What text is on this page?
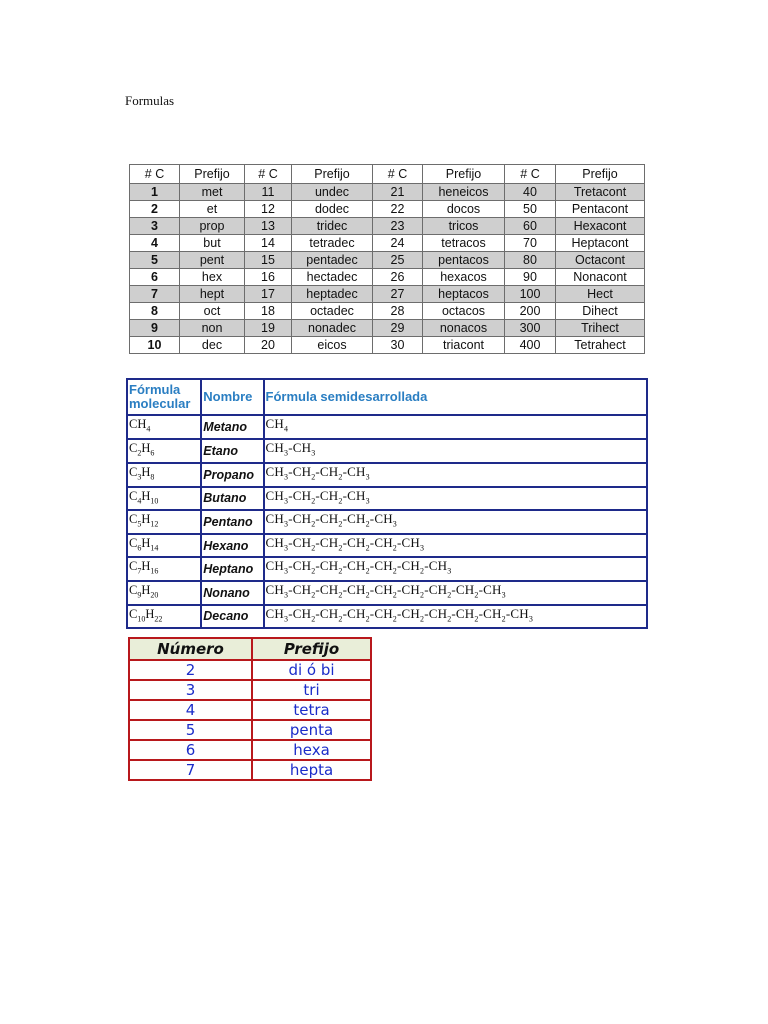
Formulas
# C	Prefijo	# C	Prefijo	# C	Prefijo	# C	Prefijo
1	met	11	undec	21	heneicos	40	Tretacont
2	et	12	dodec	22	docos	50	Pentacont
3	prop	13	tridec	23	tricos	60	Hexacont
4	but	14	tetradec	24	tetracos	70	Heptacont
5	pent	15	pentadec	25	pentacos	80	Octacont
6	hex	16	hectadec	26	hexacos	90	Nonacont
7	hept	17	heptadec	27	heptacos	100	Hect
8	oct	18	octadec	28	octacos	200	Dihect
9	non	19	nonadec	29	nonacos	300	Trihect
10	dec	20	eicos	30	triacont	400	Tetrahect
Fórmula
molecular	Nombre	Fórmula semidesarrollada
$CH_4$	Metano	$CH_4$
$C_2H_6$	Etano	$CH_3-CH_3$
$C_3H_8$	Propano	$CH_3-CH_2-CH_2-CH_3$
$C_4H_{10}$	Butano	$CH_3-CH_2-CH_2-CH_3$
$C_5H_{12}$	Pentano	$CH_3-CH_2-CH_2-CH_2-CH_3$
$C_6H_{14}$	Hexano	$CH_3-CH_2-CH_2-CH_2-CH_2-CH_3$
$C_7H_{16}$	Heptano	$CH_3-CH_2-CH_2-CH_2-CH_2-CH_2-CH_3$
$C_9H_{20}$	Nonano	$CH_3-CH_2-CH_2-CH_2-CH_2-CH_2-CH_2-CH_2-CH_3$
$C_{10}H_{22}$	Decano	$CH_3-CH_2-CH_2-CH_2-CH_2-CH_2-CH_2-CH_2-CH_2-CH_3$
Número	Prefijo
2	di ó bi
3	tri
4	tetra
5	penta
6	hexa
7	hepta
